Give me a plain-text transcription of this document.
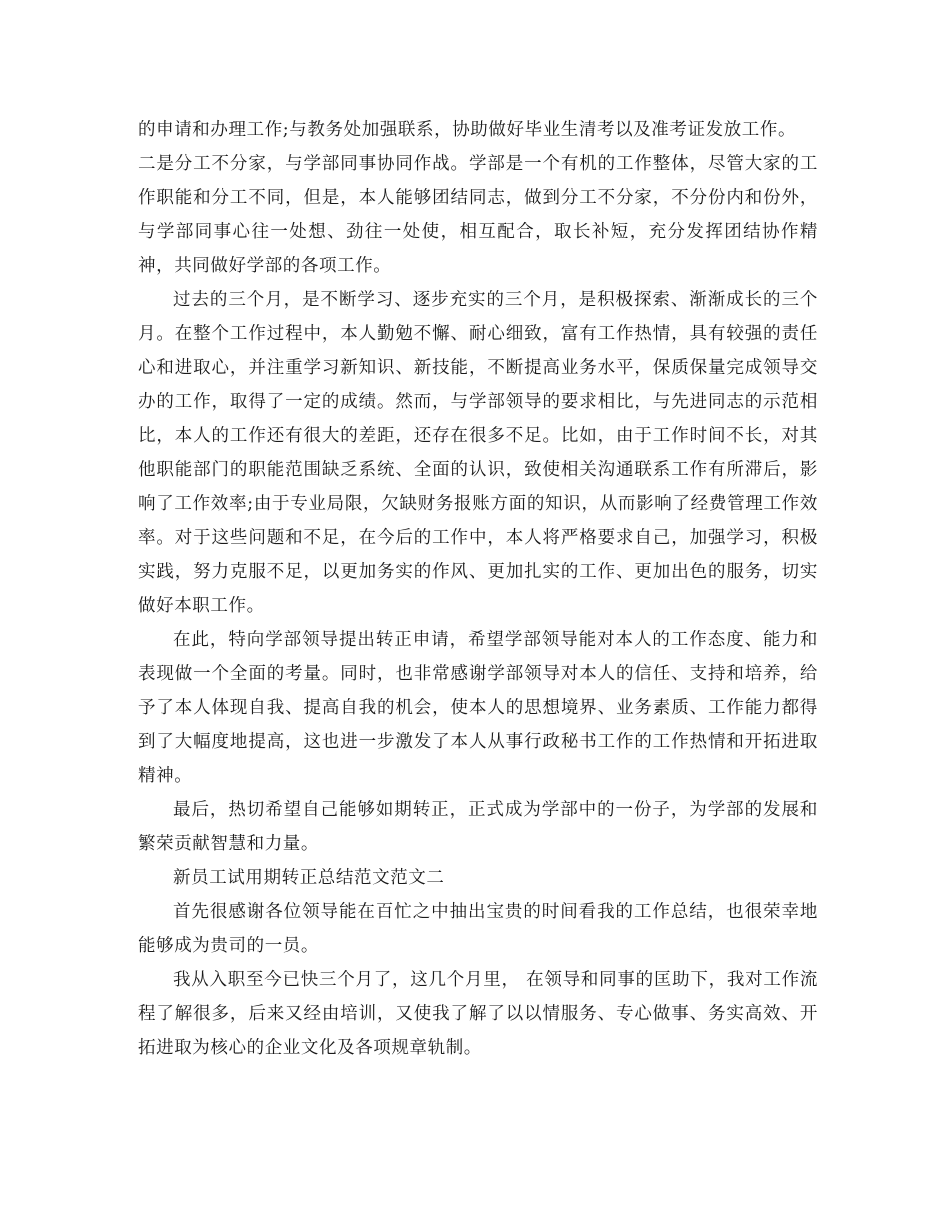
的申请和办理工作;与教务处加强联系，协助做好毕业生清考以及准考证发放工作。

二是分工不分家，与学部同事协同作战。学部是一个有机的工作整体，尽管大家的工作职能和分工不同，但是，本人能够团结同志，做到分工不分家，不分份内和份外，与学部同事心往一处想、劲往一处使，相互配合，取长补短，充分发挥团结协作精神，共同做好学部的各项工作。

过去的三个月，是不断学习、逐步充实的三个月，是积极探索、渐渐成长的三个月。在整个工作过程中，本人勤勉不懈、耐心细致，富有工作热情，具有较强的责任心和进取心，并注重学习新知识、新技能，不断提高业务水平，保质保量完成领导交办的工作，取得了一定的成绩。然而，与学部领导的要求相比，与先进同志的示范相比，本人的工作还有很大的差距，还存在很多不足。比如，由于工作时间不长，对其他职能部门的职能范围缺乏系统、全面的认识，致使相关沟通联系工作有所滞后，影响了工作效率;由于专业局限，欠缺财务报账方面的知识，从而影响了经费管理工作效率。对于这些问题和不足，在今后的工作中，本人将严格要求自己，加强学习，积极实践，努力克服不足，以更加务实的作风、更加扎实的工作、更加出色的服务，切实做好本职工作。

在此，特向学部领导提出转正申请，希望学部领导能对本人的工作态度、能力和表现做一个全面的考量。同时，也非常感谢学部领导对本人的信任、支持和培养，给予了本人体现自我、提高自我的机会，使本人的思想境界、业务素质、工作能力都得到了大幅度地提高，这也进一步激发了本人从事行政秘书工作的工作热情和开拓进取精神。

最后，热切希望自己能够如期转正，正式成为学部中的一份子，为学部的发展和繁荣贡献智慧和力量。

新员工试用期转正总结范文范文二

首先很感谢各位领导能在百忙之中抽出宝贵的时间看我的工作总结，也很荣幸地能够成为贵司的一员。

我从入职至今已快三个月了，这几个月里， 在领导和同事的匡助下，我对工作流程了解很多，后来又经由培训，又使我了解了以以情服务、专心做事、务实高效、开拓进取为核心的企业文化及各项规章轨制。
